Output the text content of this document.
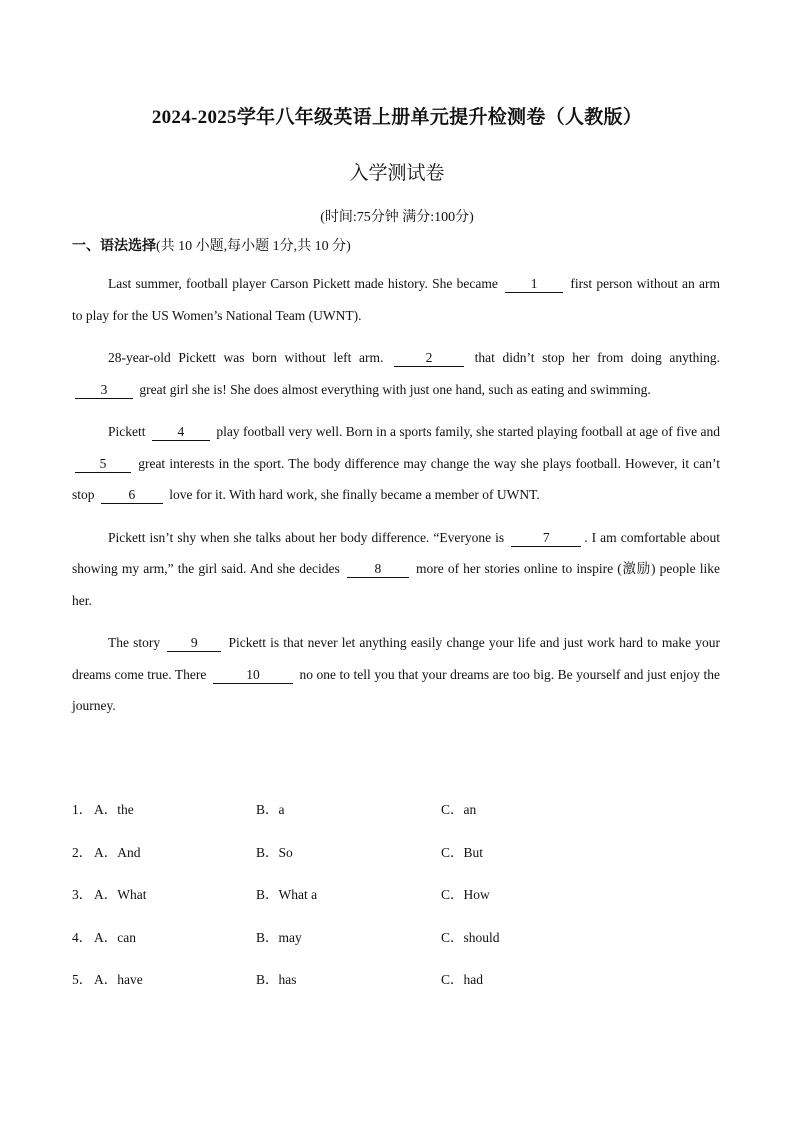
2024-2025学年八年级英语上册单元提升检测卷（人教版）
入学测试卷
(时间:75分钟 满分:100分)
一、语法选择(共 10 小题,每小题 1分,共 10 分)

Last summer, football player Carson Pickett made history. She became 1 first person without an arm to play for the US Women’s National Team (UWNT).

28-year-old Pickett was born without left arm.	2	that didn’t stop her from doing anything. 3 great girl she is! She does almost everything with just one hand, such as eating and swimming.

Pickett 4 play football very well. Born in a sports family, she started playing football at age of five and 5 great interests in the sport. The body difference may change the way she plays football. However, it can’t stop	6	love for it. With hard work, she finally became a member of UWNT.

Pickett isn’t shy when she talks about her body difference. “Everyone is	7	. I am comfortable about showing my arm,” the girl said. And she decides	8	more of her stories online to inspire (激励) people like her.

The story 9 Pickett is that never let anything easily change your life and just work hard to make your dreams come true. There	10	no one to tell you that your dreams are too big. Be yourself and just enjoy the journey.

1． A．the	B．a	C．an
2． A．And	B．So	C．But
3． A．What	B．What a	C．How
4． A．can	B．may	C．should
5． A．have	B．has	C．had
